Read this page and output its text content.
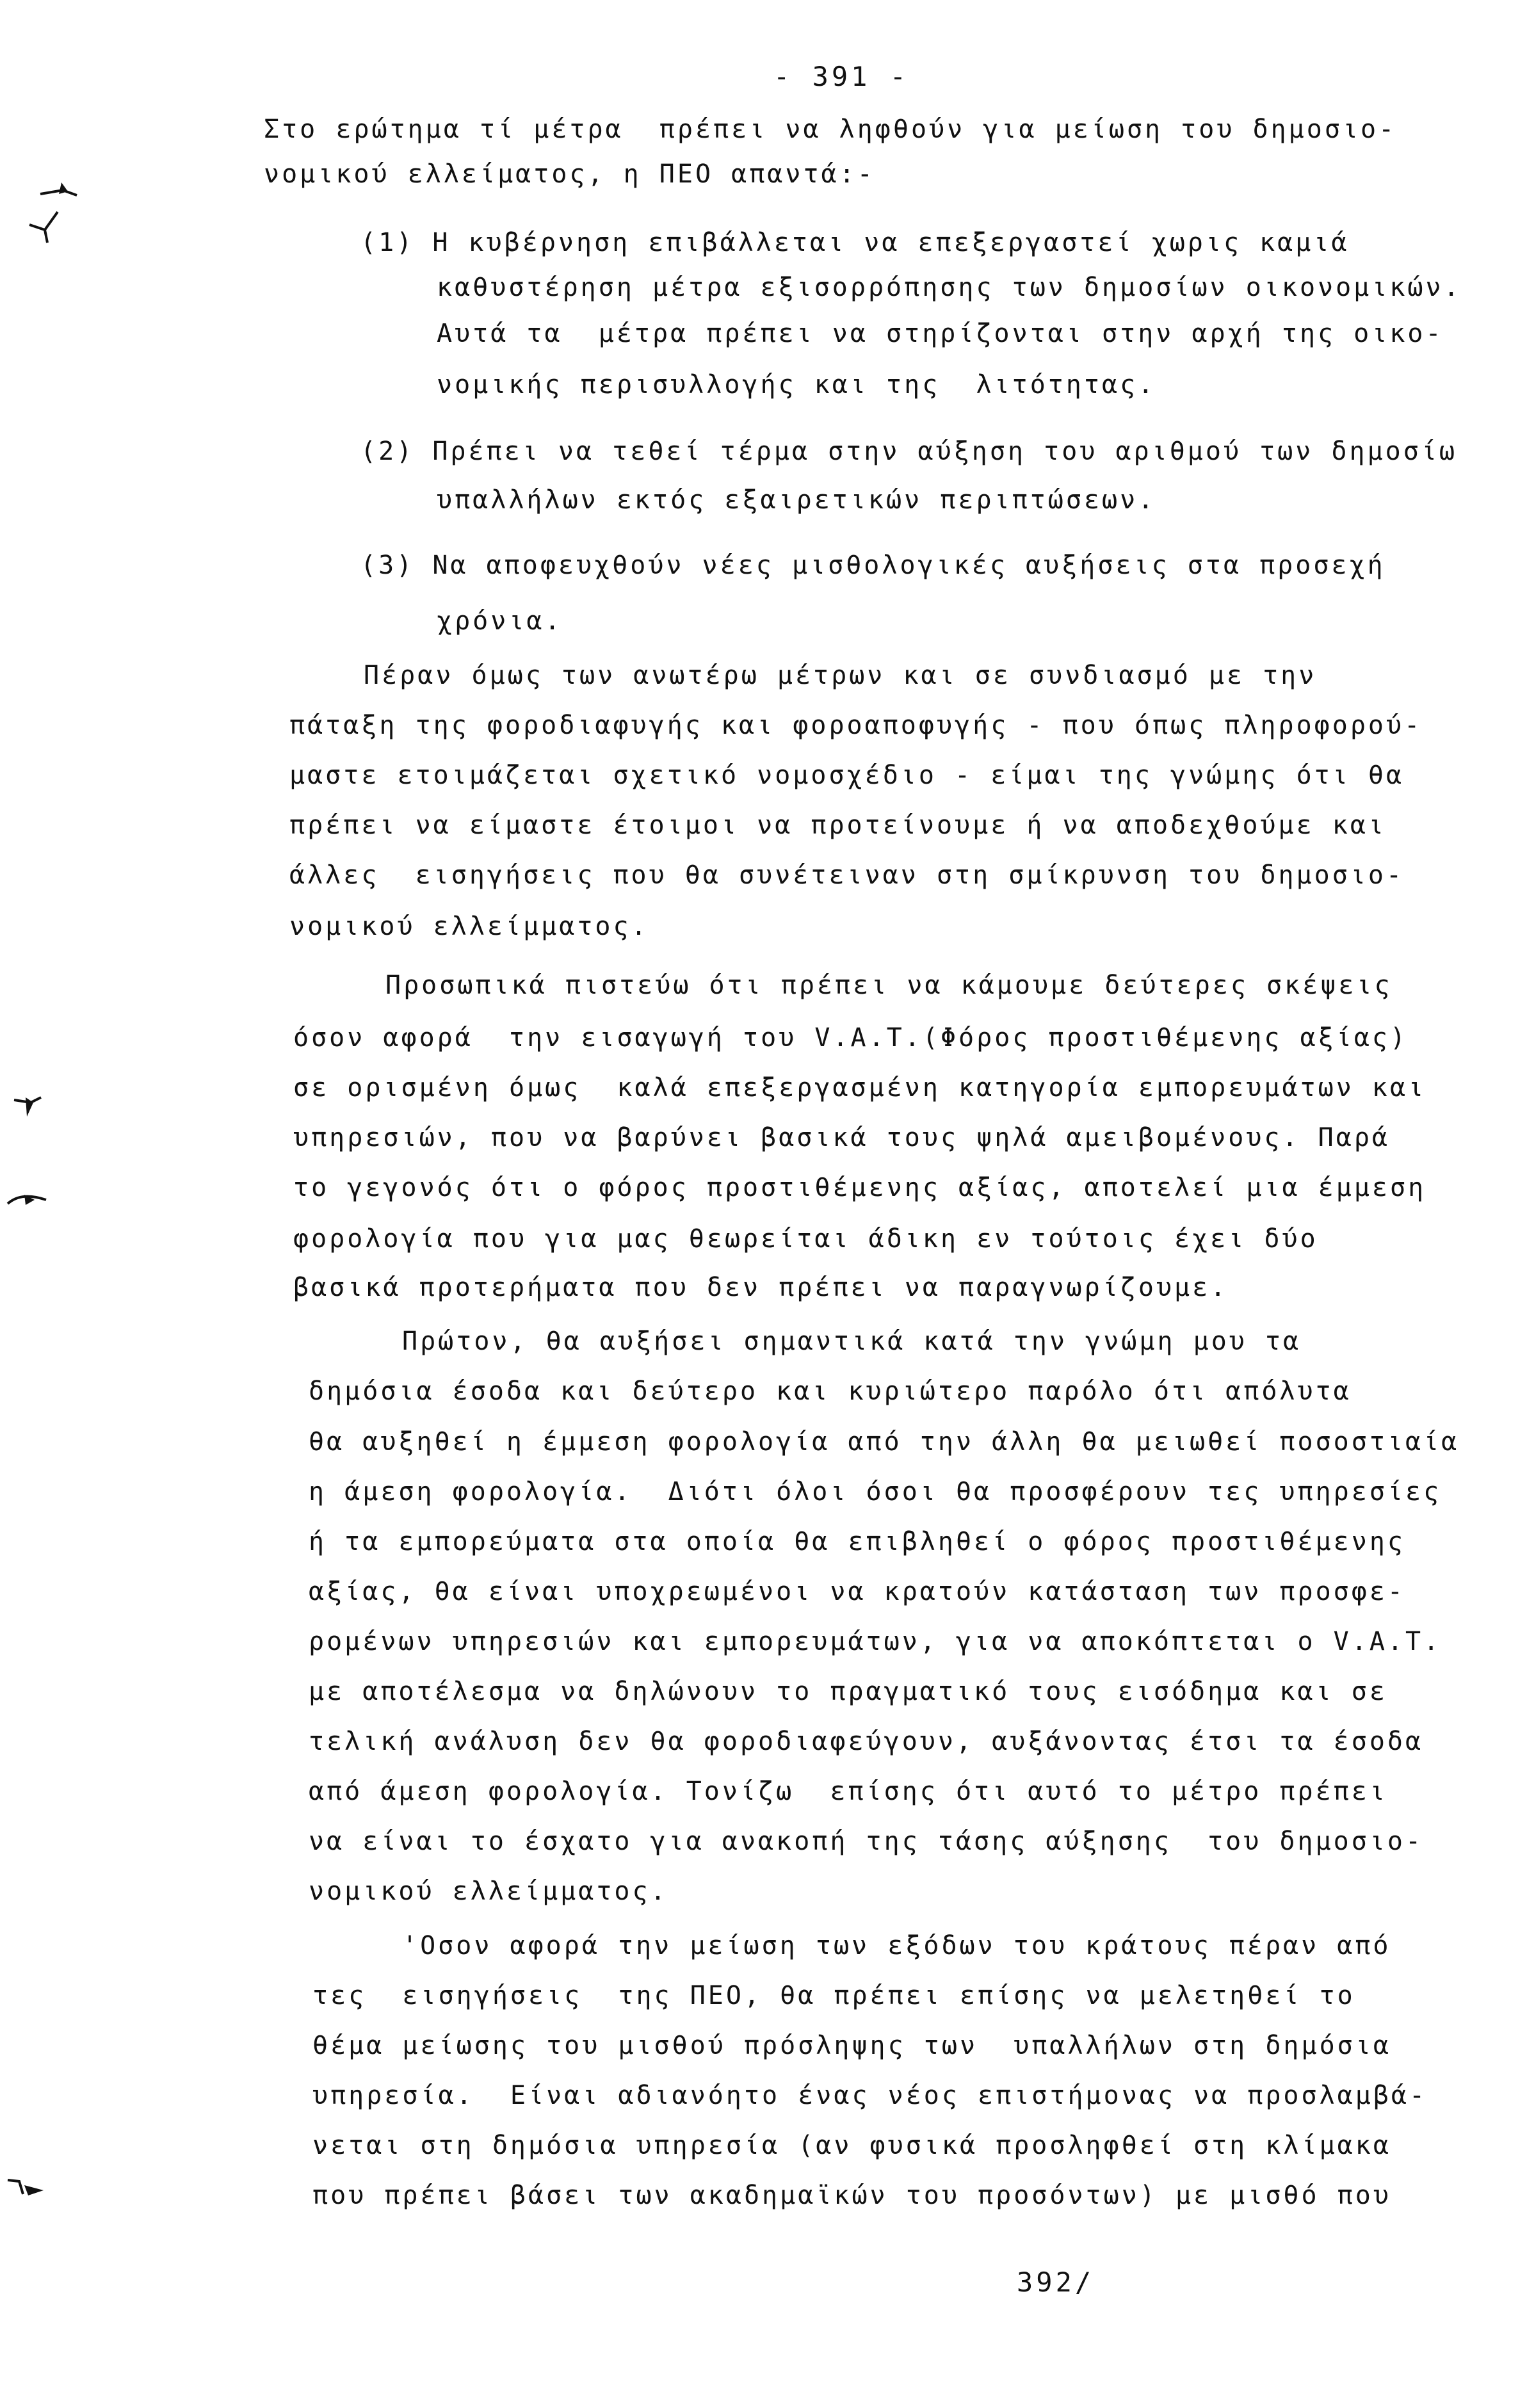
- 391 -
Στο ερώτημα τί μέτρα  πρέπει να ληφθούν για μείωση του δημοσιο-
νομικού ελλείματος, η ΠΕΟ απαντά:-
(1) Η κυβέρνηση επιβάλλεται να επεξεργαστεί χωρις καμιά
καθυστέρηση μέτρα εξισορρόπησης των δημοσίων οικονομικών.
Αυτά τα  μέτρα πρέπει να στηρίζονται στην αρχή της οικο-
νομικής περισυλλογής και της  λιτότητας.
(2) Πρέπει να τεθεί τέρμα στην αύξηση του αριθμού των δημοσίω
υπαλλήλων εκτός εξαιρετικών περιπτώσεων.
(3) Να αποφευχθούν νέες μισθολογικές αυξήσεις στα προσεχή
χρόνια.
Πέραν όμως των ανωτέρω μέτρων και σε συνδιασμό με την
πάταξη της φοροδιαφυγής και φοροαποφυγής - που όπως πληροφορού-
μαστε ετοιμάζεται σχετικό νομοσχέδιο - είμαι της γνώμης ότι θα
πρέπει να είμαστε έτοιμοι να προτείνουμε ή να αποδεχθούμε και
άλλες  εισηγήσεις που θα συνέτειναν στη σμίκρυνση του δημοσιο-
νομικού ελλείμματος.
Προσωπικά πιστεύω ότι πρέπει να κάμουμε δεύτερες σκέψεις
όσον αφορά  την εισαγωγή του V.A.T.(Φόρος προστιθέμενης αξίας)
σε ορισμένη όμως  καλά επεξεργασμένη κατηγορία εμπορευμάτων και
υπηρεσιών, που να βαρύνει βασικά τους ψηλά αμειβομένους. Παρά
το γεγονός ότι ο φόρος προστιθέμενης αξίας, αποτελεί μια έμμεση
φορολογία που για μας θεωρείται άδικη εν τούτοις έχει δύο
βασικά προτερήματα που δεν πρέπει να παραγνωρίζουμε.
Πρώτον, θα αυξήσει σημαντικά κατά την γνώμη μου τα
δημόσια έσοδα και δεύτερο και κυριώτερο παρόλο ότι απόλυτα
θα αυξηθεί η έμμεση φορολογία από την άλλη θα μειωθεί ποσοστιαία
η άμεση φορολογία.  Διότι όλοι όσοι θα προσφέρουν τες υπηρεσίες
ή τα εμπορεύματα στα οποία θα επιβληθεί ο φόρος προστιθέμενης
αξίας, θα είναι υποχρεωμένοι να κρατούν κατάσταση των προσφε-
ρομένων υπηρεσιών και εμπορευμάτων, για να αποκόπτεται ο V.A.T.
με αποτέλεσμα να δηλώνουν το πραγματικό τους εισόδημα και σε
τελική ανάλυση δεν θα φοροδιαφεύγουν, αυξάνοντας έτσι τα έσοδα
από άμεση φορολογία. Τονίζω  επίσης ότι αυτό το μέτρο πρέπει
να είναι το έσχατο για ανακοπή της τάσης αύξησης  του δημοσιο-
νομικού ελλείμματος.
'Οσον αφορά την μείωση των εξόδων του κράτους πέραν από
τες  εισηγήσεις  της ΠΕΟ, θα πρέπει επίσης να μελετηθεί το
θέμα μείωσης του μισθού πρόσληψης των  υπαλλήλων στη δημόσια
υπηρεσία.  Είναι αδιανόητο ένας νέος επιστήμονας να προσλαμβά-
νεται στη δημόσια υπηρεσία (αν φυσικά προσληφθεί στη κλίμακα
που πρέπει βάσει των ακαδημαϊκών του προσόντων) με μισθό που
392/
